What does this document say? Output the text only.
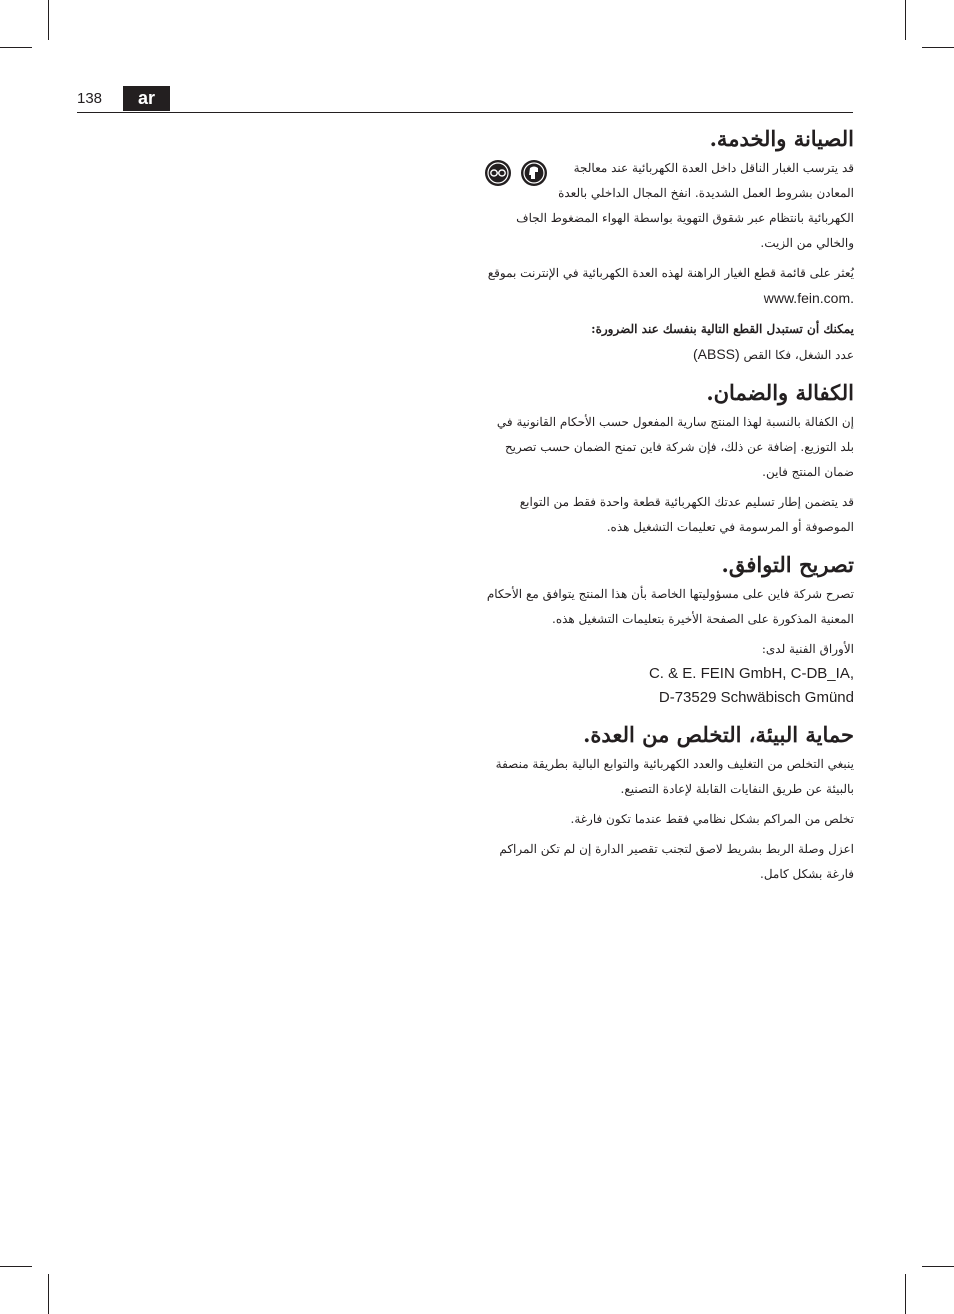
138	ar
الصيانة والخدمة.

قد يترسب الغبار الناقل داخل العدة الكهربائية عند معالجة المعادن بشروط العمل الشديدة. انفخ المجال الداخلي بالعدة الكهربائية بانتظام عبر شقوق التهوية بواسطة الهواء المضغوط الجاف والخالي من الزيت.

يُعثر على قائمة قطع الغيار الراهنة لهذه العدة الكهربائية في الإنترنت بموقع
www.fein.com.

يمكنك أن تستبدل القطع التالية بنفسك عند الضرورة:

عدد الشغل، فكا القص (ABSS)

الكفالة والضمان.

إن الكفالة بالنسبة لهذا المنتج سارية المفعول حسب الأحكام القانونية في بلد التوزيع. إضافة عن ذلك، فإن شركة فاين تمنح الضمان حسب تصريح ضمان المنتج فاين.

قد يتضمن إطار تسليم عدتك الكهربائية قطعة واحدة فقط من التوابع الموصوفة أو المرسومة في تعليمات التشغيل هذه.

تصريح التوافق.

تصرح شركة فاين على مسؤوليتها الخاصة بأن هذا المنتج يتوافق مع الأحكام المعنية المذكورة على الصفحة الأخيرة بتعليمات التشغيل هذه.

الأوراق الفنية لدى:

C. & E. FEIN GmbH, C-DB_IA,

D-73529 Schwäbisch Gmünd

حماية البيئة، التخلص من العدة.

ينبغي التخلص من التغليف والعدد الكهربائية والتوابع البالية بطريقة منصفة بالبيئة عن طريق النفايات القابلة لإعادة التصنيع.

تخلص من المراكم بشكل نظامي فقط عندما تكون فارغة.

اعزل وصلة الربط بشريط لاصق لتجنب تقصير الدارة إن لم تكن المراكم فارغة بشكل كامل.
